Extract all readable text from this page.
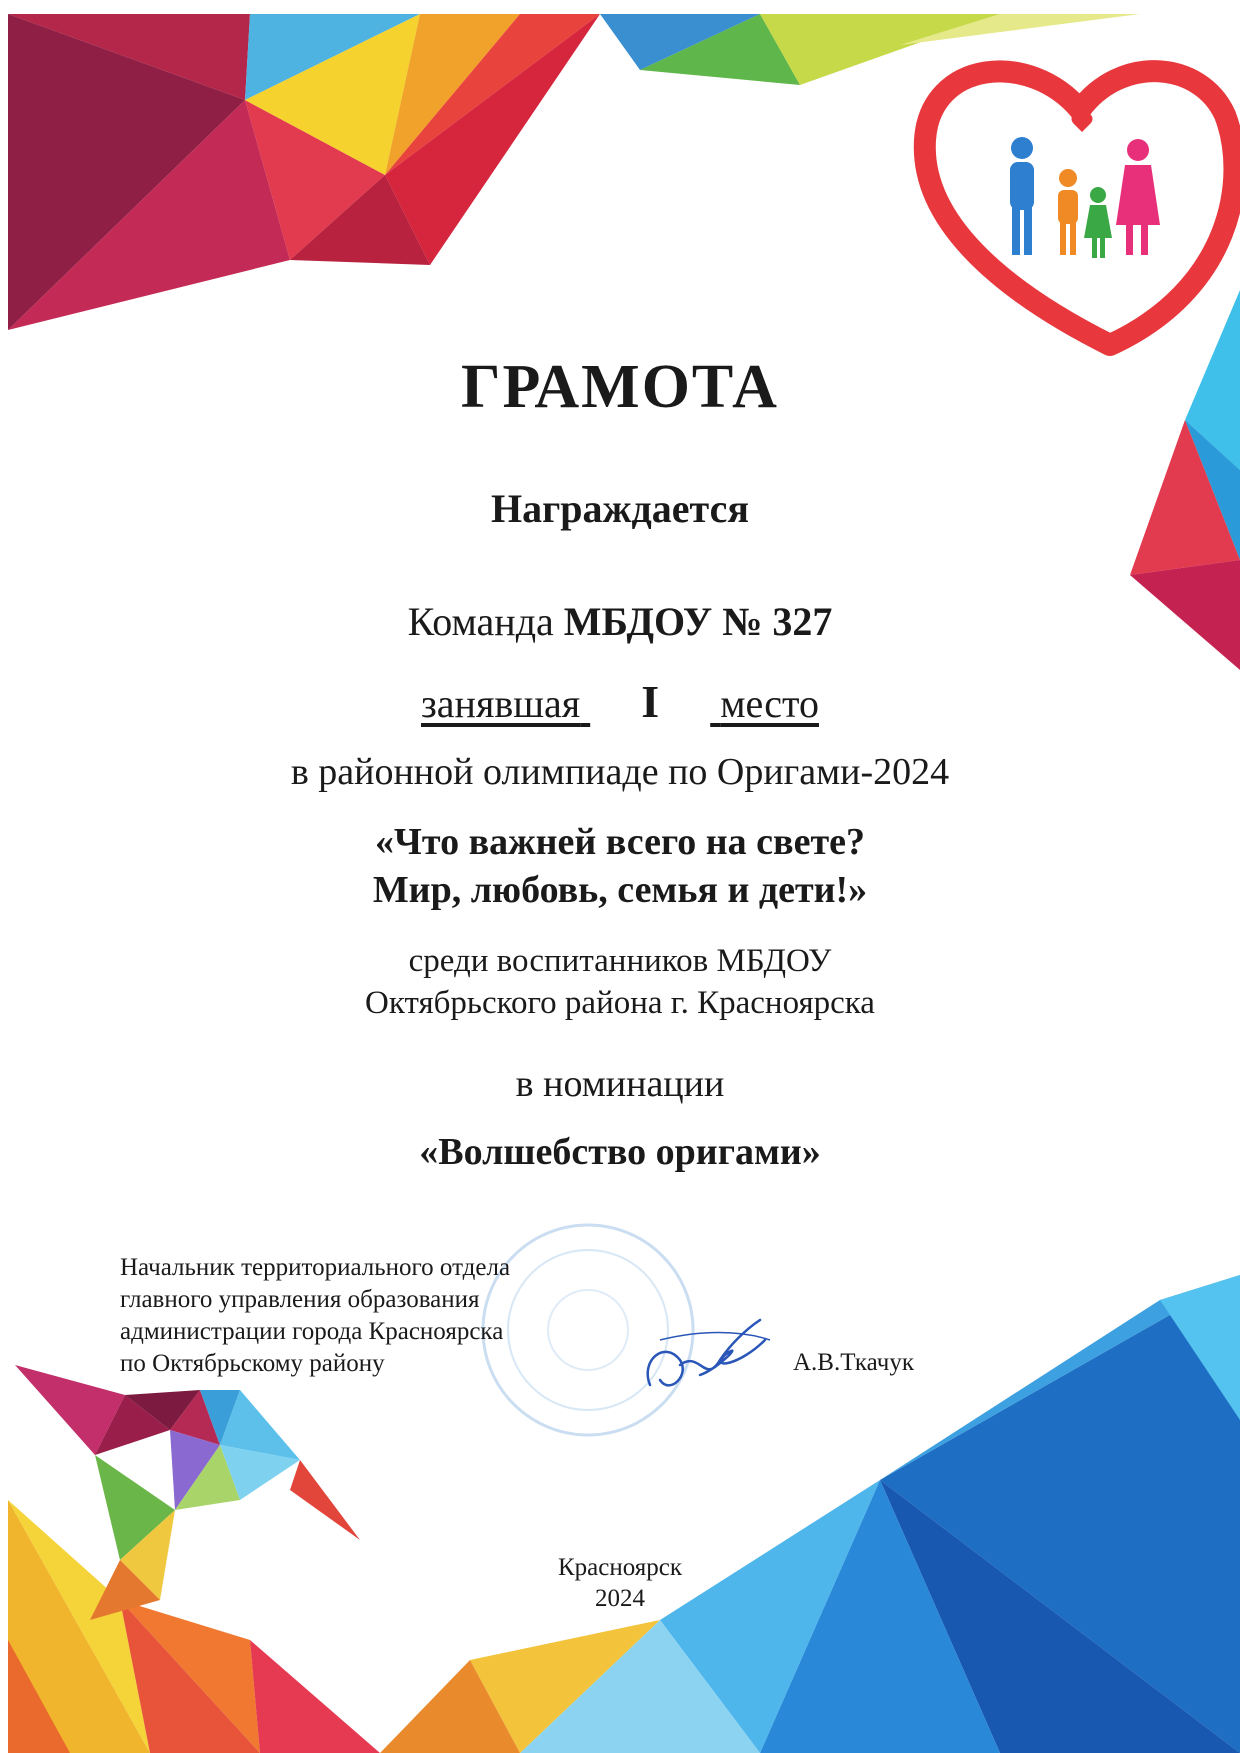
ГРАМОТА
Награждается
Команда МБДОУ № 327
занявшая I место
в районной олимпиаде по Оригами-2024
«Что важней всего на свете?
Мир, любовь, семья и дети!»
среди воспитанников МБДОУ
Октябрьского района г. Красноярска
в номинации
«Волшебство оригами»
Начальник территориального отдела
главного управления образования
администрации города Красноярска
по Октябрьскому району	А.В.Ткачук
Красноярск
2024
